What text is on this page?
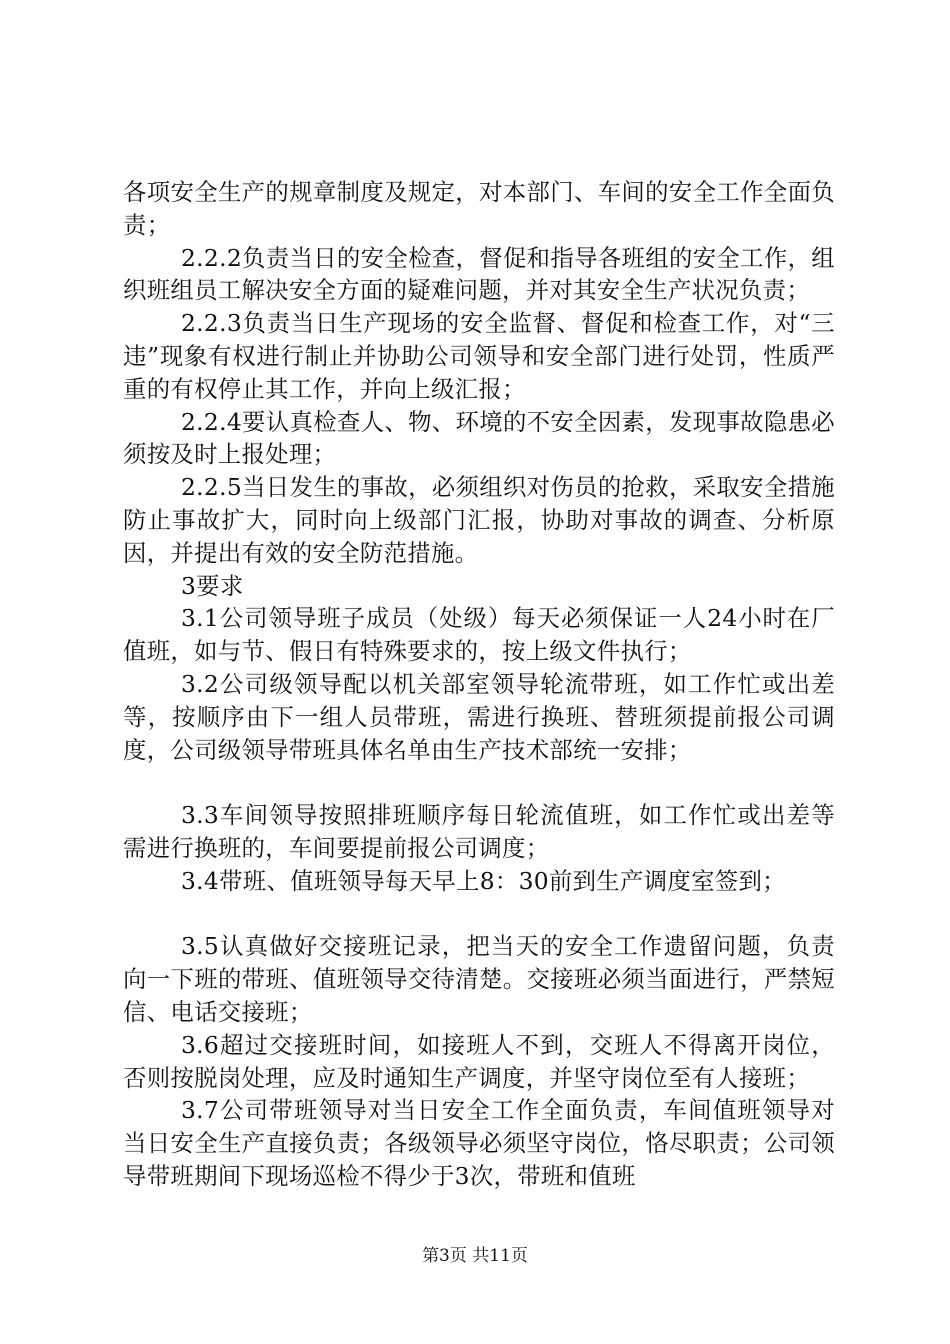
各项安全生产的规章制度及规定，对本部门、车间的安全工作全面负责；

2.2.2负责当日的安全检查，督促和指导各班组的安全工作，组织班组员工解决安全方面的疑难问题，并对其安全生产状况负责；

2.2.3负责当日生产现场的安全监督、督促和检查工作，对“三违”现象有权进行制止并协助公司领导和安全部门进行处罚，性质严重的有权停止其工作，并向上级汇报；

2.2.4要认真检查人、物、环境的不安全因素，发现事故隐患必须按及时上报处理；

2.2.5当日发生的事故，必须组织对伤员的抢救，采取安全措施防止事故扩大，同时向上级部门汇报，协助对事故的调查、分析原因，并提出有效的安全防范措施。

3要求

3.1公司领导班子成员（处级）每天必须保证一人24小时在厂值班，如与节、假日有特殊要求的，按上级文件执行；

3.2公司级领导配以机关部室领导轮流带班，如工作忙或出差等，按顺序由下一组人员带班，需进行换班、替班须提前报公司调度，公司级领导带班具体名单由生产技术部统一安排；

3.3车间领导按照排班顺序每日轮流值班，如工作忙或出差等需进行换班的，车间要提前报公司调度；

3.4带班、值班领导每天早上8：30前到生产调度室签到；

3.5认真做好交接班记录，把当天的安全工作遗留问题，负责向一下班的带班、值班领导交待清楚。交接班必须当面进行，严禁短信、电话交接班；

3.6超过交接班时间，如接班人不到，交班人不得离开岗位，否则按脱岗处理，应及时通知生产调度，并坚守岗位至有人接班；

3.7公司带班领导对当日安全工作全面负责，车间值班领导对当日安全生产直接负责；各级领导必须坚守岗位，恪尽职责；公司领导带班期间下现场巡检不得少于3次，带班和值班

第3页 共11页
